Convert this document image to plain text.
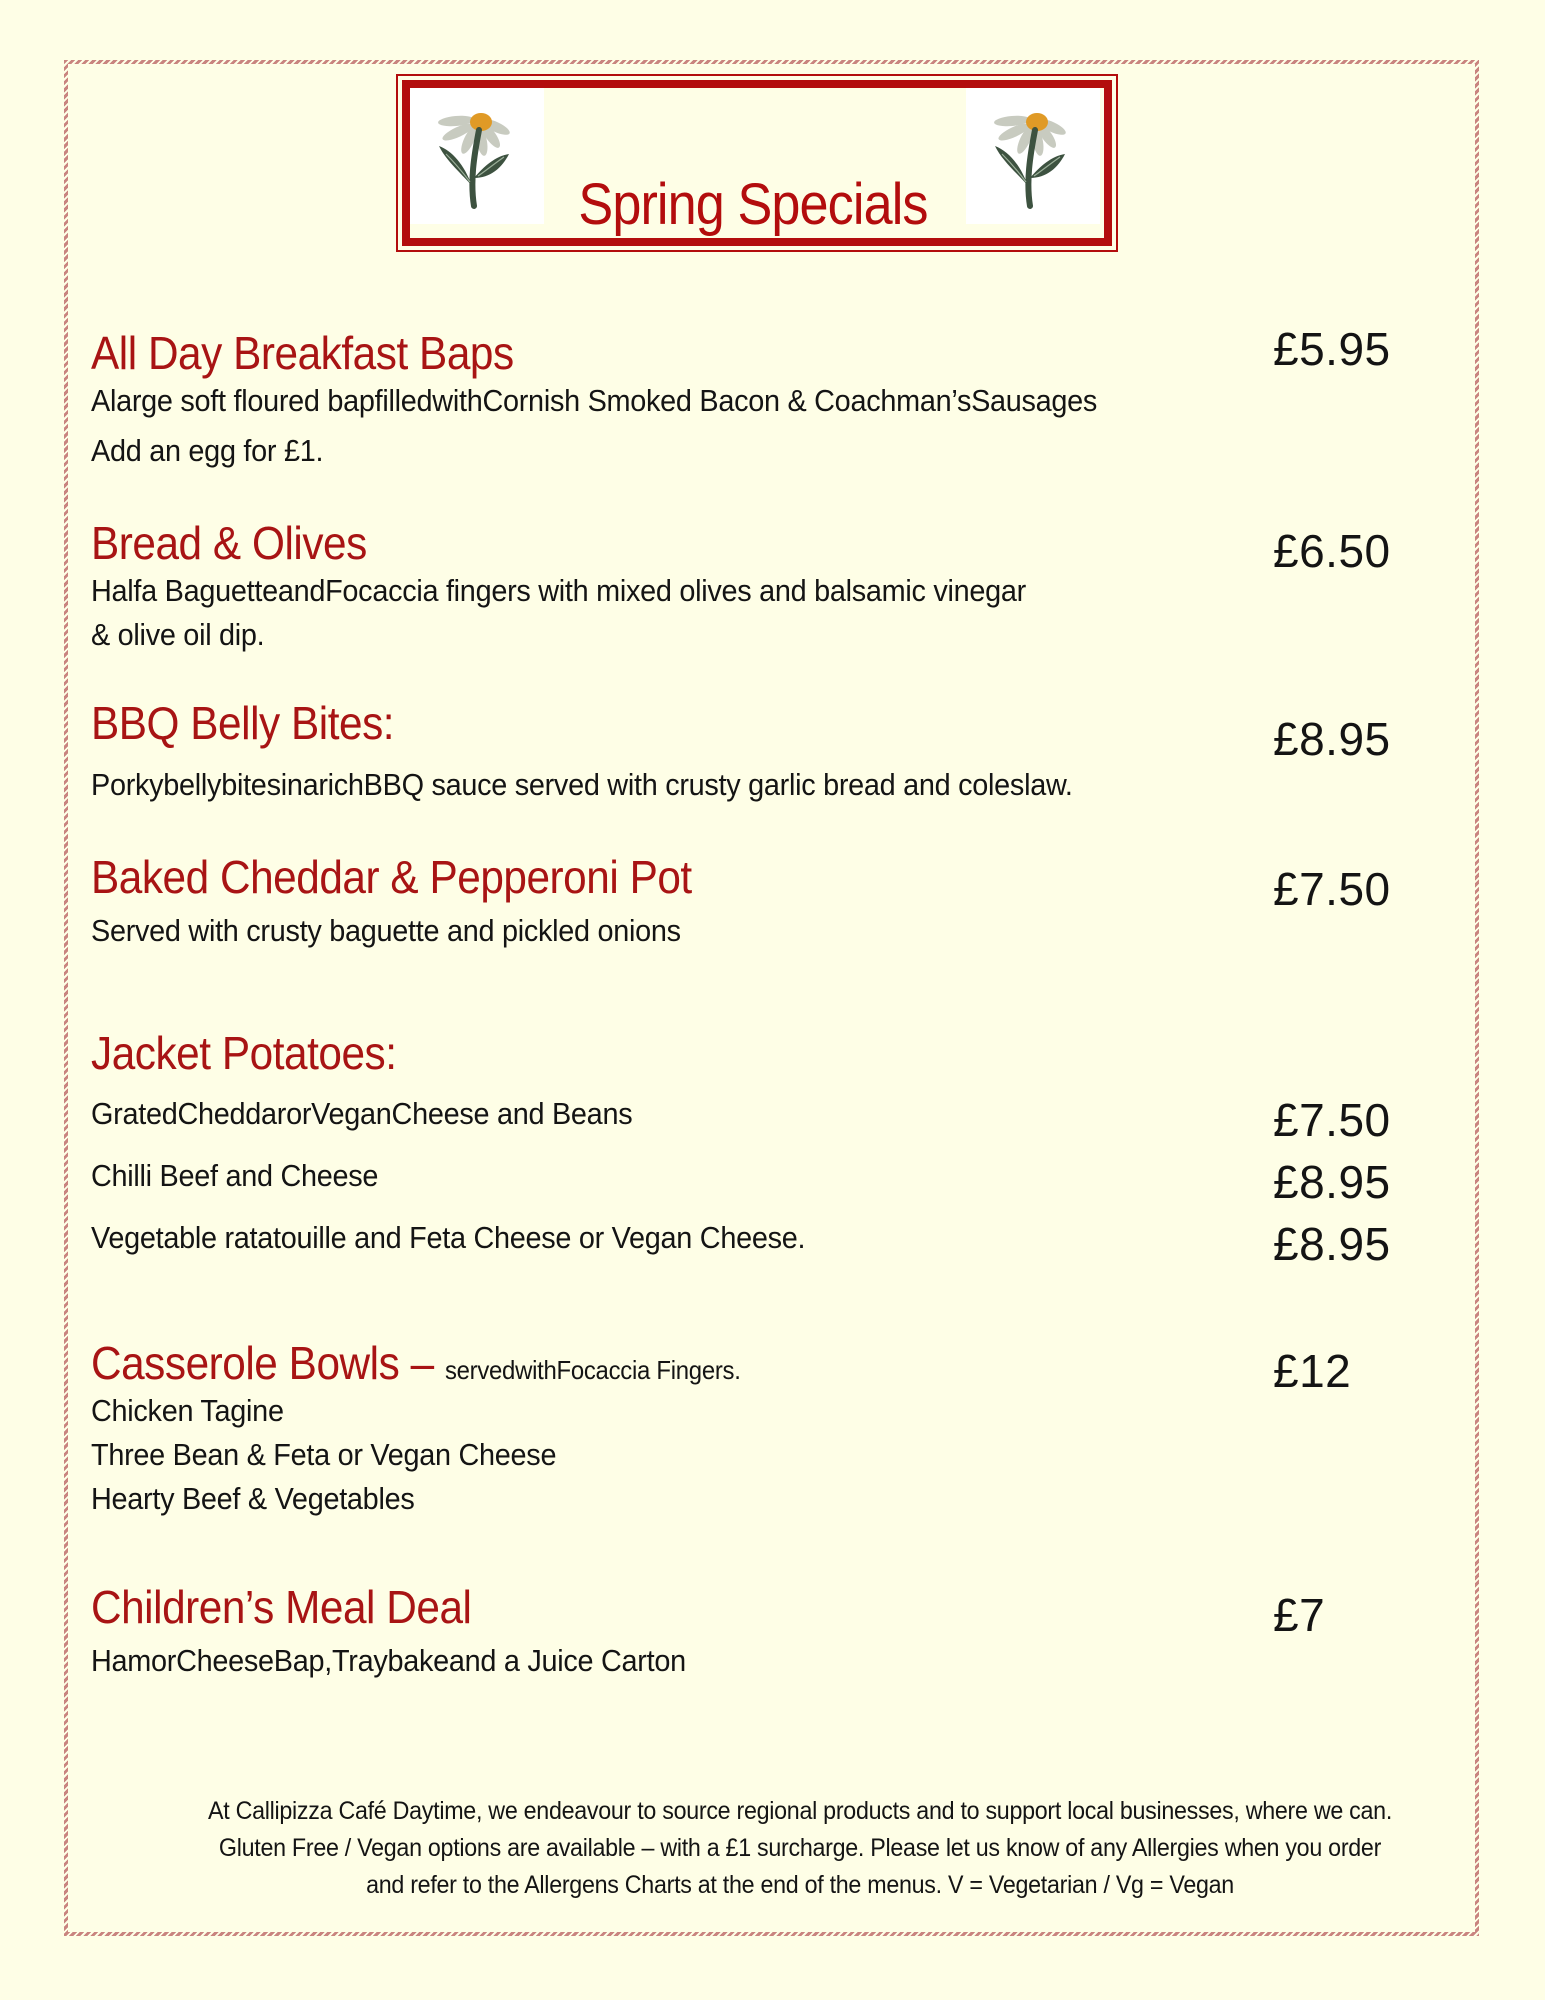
Spring Specials
All Day Breakfast Baps
Alarge soft floured bapfilledwithCornish Smoked Bacon & Coachman’sSausages
Add an egg for £1.
£5.95
Bread & Olives
Halfa BaguetteandFocaccia fingers with mixed olives and balsamic vinegar
& olive oil dip.
£6.50
BBQ Belly Bites:
PorkybellybitesinarichBBQ sauce served with crusty garlic bread and coleslaw.
£8.95
Baked Cheddar & Pepperoni Pot
Served with crusty baguette and pickled onions
£7.50
Jacket Potatoes:
GratedCheddarorVeganCheese and Beans	£7.50
Chilli Beef and Cheese	£8.95
Vegetable ratatouille and Feta Cheese or Vegan Cheese.	£8.95
Casserole Bowls – servedwithFocaccia Fingers.
Chicken Tagine
Three Bean & Feta or Vegan Cheese
Hearty Beef & Vegetables
£12
Children’s Meal Deal
HamorCheeseBap,Traybakeand a Juice Carton
£7
At Callipizza Café Daytime, we endeavour to source regional products and to support local businesses, where we can.
Gluten Free / Vegan options are available – with a £1 surcharge. Please let us know of any Allergies when you order
and refer to the Allergens Charts at the end of the menus. V = Vegetarian / Vg = Vegan
